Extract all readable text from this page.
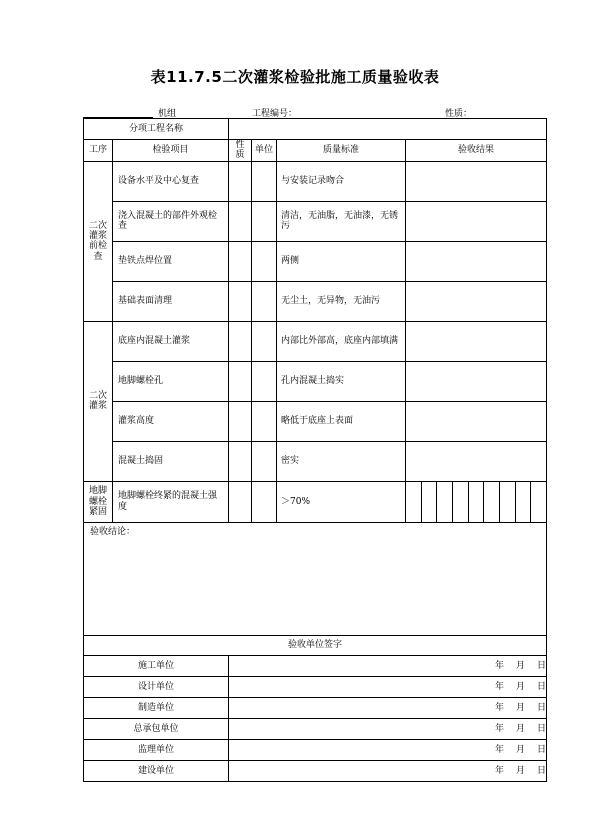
表11.7.5二次灌浆检验批施工质量验收表
机组	工程编号：	性质：
分项工程名称					
工序	检验项目	性质	单位	质量标准	验收结果
二次
灌浆
前检
查	设备水平及中心复查			与安装记录吻合	
	浇入混凝土的部件外观检查			清洁，无油脂，无油漆，无锈污	
	垫铁点焊位置			两侧	
	基础表面清理			无尘土，无异物，无油污	
二次
灌浆	底座内混凝土灌浆			内部比外部高，底座内部填满	
	地脚螺栓孔			孔内混凝土捣实	
	灌浆高度			略低于底座上表面	
	混凝土捣固			密实	
地脚
螺栓
紧固	地脚螺栓终紧的混凝土强度			＞70%	

验收结论：					
验收单位签字					
施工单位		年 月 日			
设计单位		年 月 日			
制造单位		年 月 日			
总承包单位		年 月 日			
监理单位		年 月 日			
建设单位		年 月 日			
